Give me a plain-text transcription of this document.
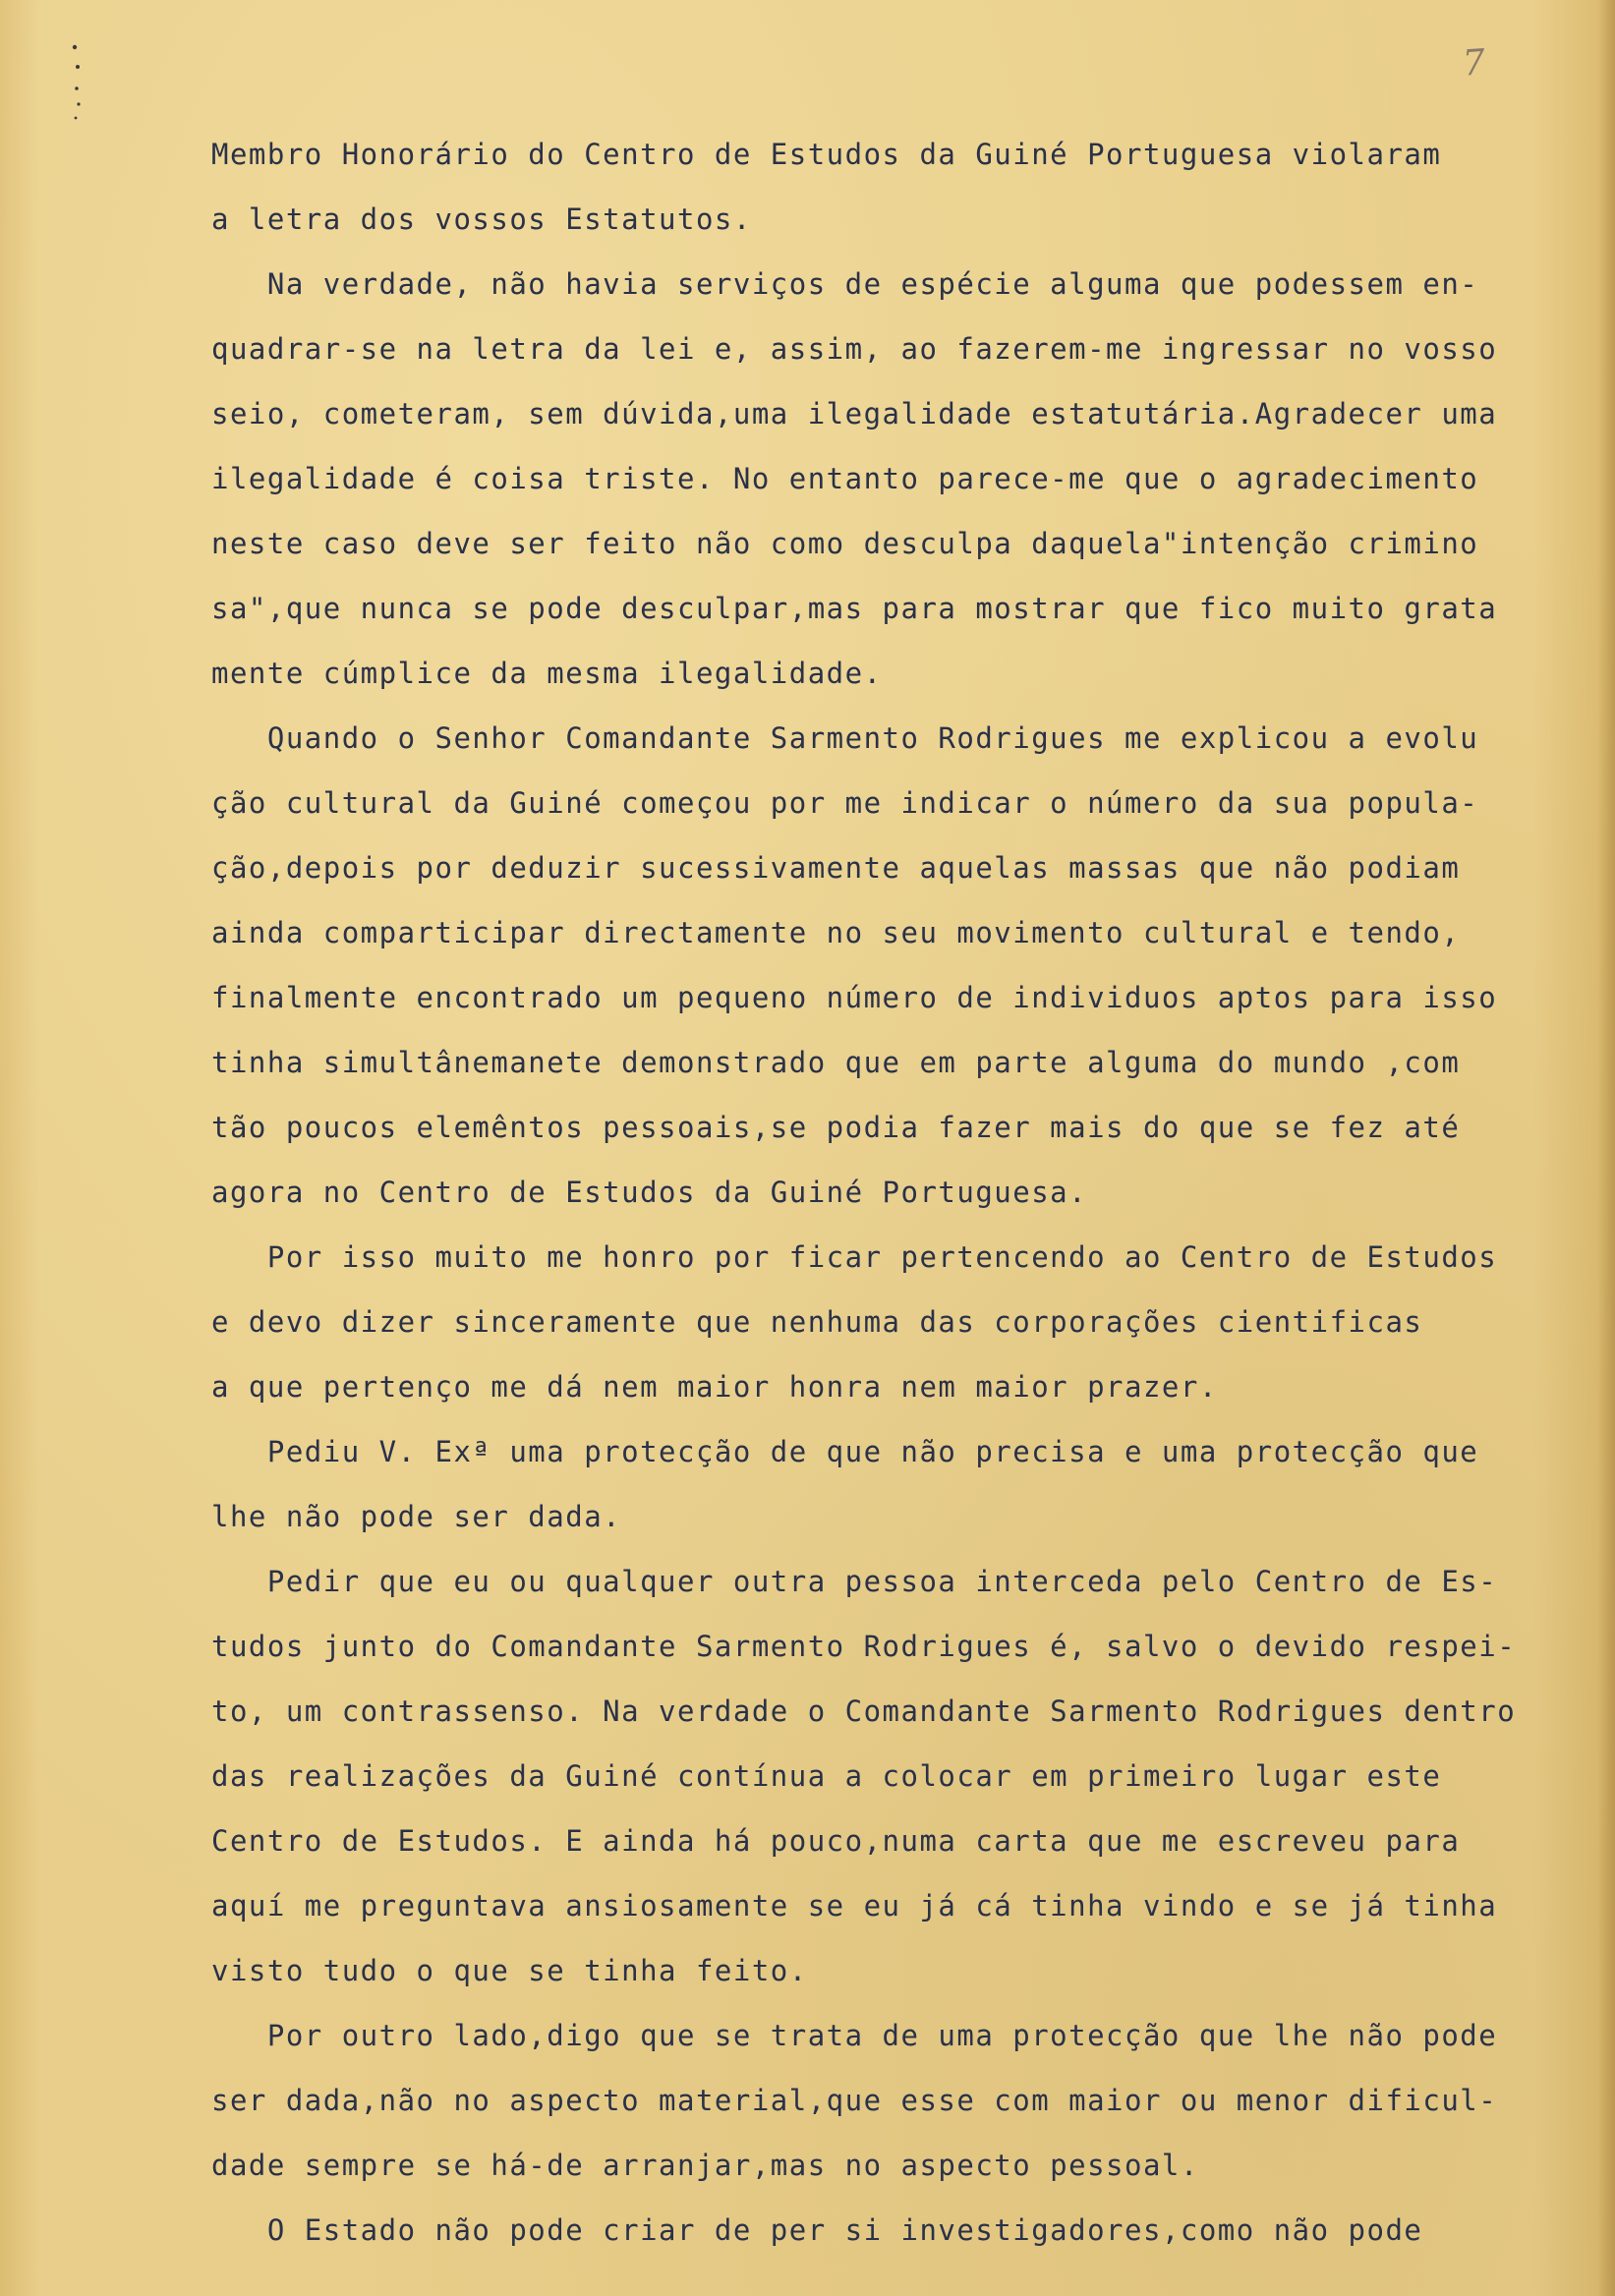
7
Membro Honorário do Centro de Estudos da Guiné Portuguesa violaram
a letra dos vossos Estatutos.
Na verdade, não havia serviços de espécie alguma que podessem en-
quadrar-se na letra da lei e, assim, ao fazerem-me ingressar no vosso
seio, cometeram, sem dúvida,uma ilegalidade estatutária.Agradecer uma
ilegalidade é coisa triste. No entanto parece-me que o agradecimento
neste caso deve ser feito não como desculpa daquela"intenção crimino
sa",que nunca se pode desculpar,mas para mostrar que fico muito grata
mente cúmplice da mesma ilegalidade.
Quando o Senhor Comandante Sarmento Rodrigues me explicou a evolu
ção cultural da Guiné começou por me indicar o número da sua popula-
ção,depois por deduzir sucessivamente aquelas massas que não podiam
ainda comparticipar directamente no seu movimento cultural e tendo,
finalmente encontrado um pequeno número de individuos aptos para isso
tinha simultânemanete demonstrado que em parte alguma do mundo ,com
tão poucos elemêntos pessoais,se podia fazer mais do que se fez até
agora no Centro de Estudos da Guiné Portuguesa.
Por isso muito me honro por ficar pertencendo ao Centro de Estudos
e devo dizer sinceramente que nenhuma das corporações cientificas
a que pertenço me dá nem maior honra nem maior prazer.
Pediu V. Exª uma protecção de que não precisa e uma protecção que
lhe não pode ser dada.
Pedir que eu ou qualquer outra pessoa interceda pelo Centro de Es-
tudos junto do Comandante Sarmento Rodrigues é, salvo o devido respei-
to, um contrassenso. Na verdade o Comandante Sarmento Rodrigues dentro
das realizações da Guiné contínua a colocar em primeiro lugar este
Centro de Estudos. E ainda há pouco,numa carta que me escreveu para
aquí me preguntava ansiosamente se eu já cá tinha vindo e se já tinha
visto tudo o que se tinha feito.
Por outro lado,digo que se trata de uma protecção que lhe não pode
ser dada,não no aspecto material,que esse com maior ou menor dificul-
dade sempre se há-de arranjar,mas no aspecto pessoal.
O Estado não pode criar de per si investigadores,como não pode
